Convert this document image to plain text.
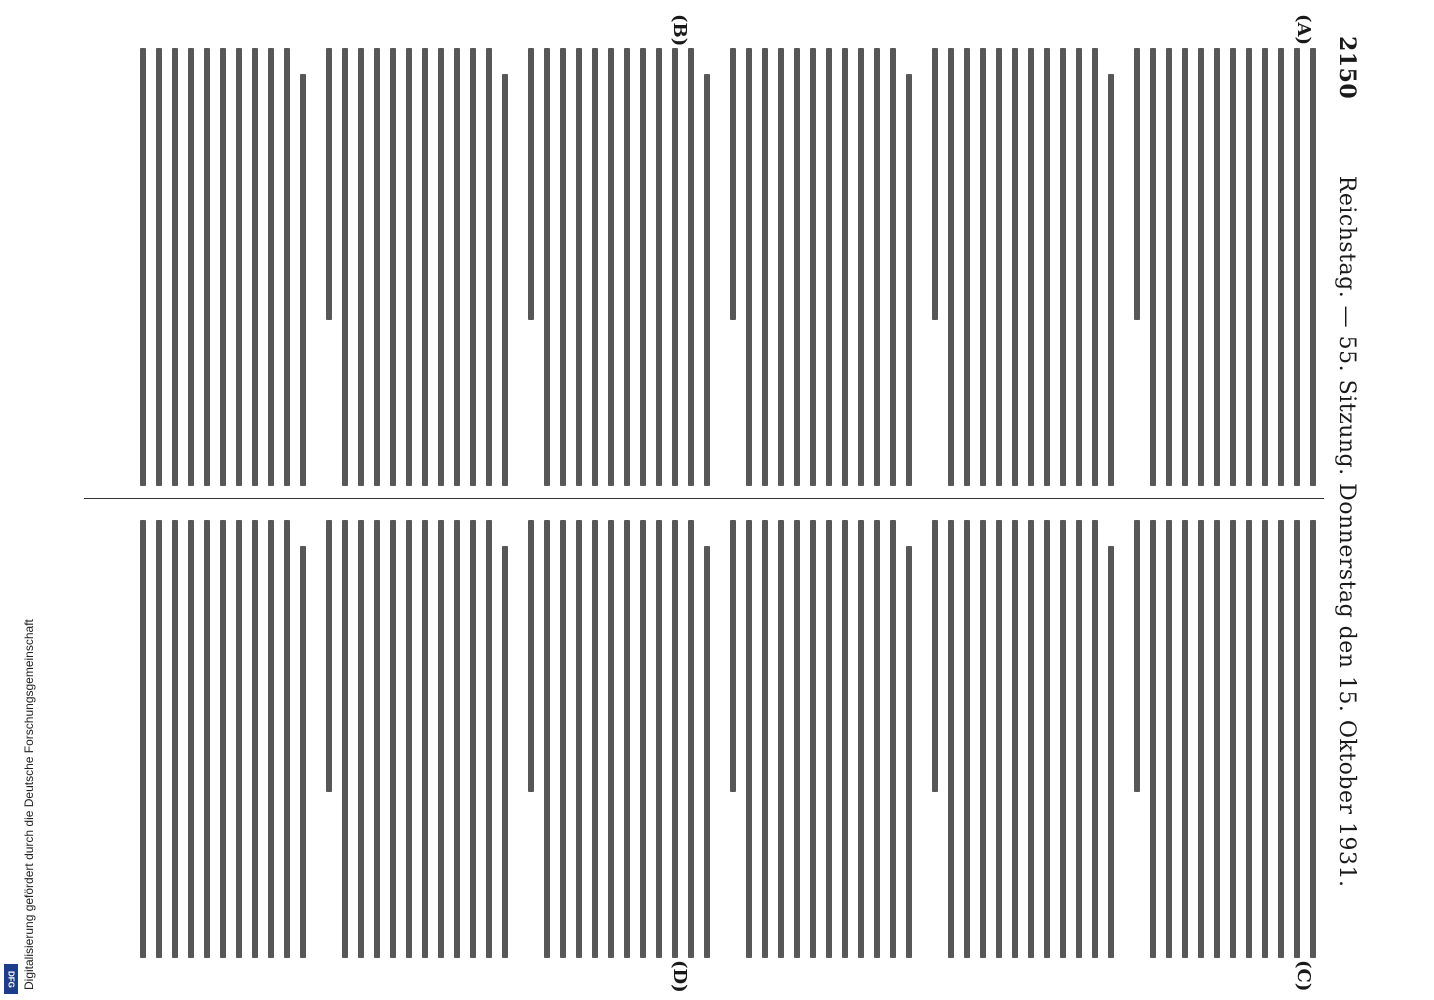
2150
Reichstag. — 55. Sitzung. Donnerstag den 15. Oktober 1931.
(A)
(B)
(C)
(D)
Digitalisierung gefördert durch die Deutsche Forschungsgemeinschaft
DFG
